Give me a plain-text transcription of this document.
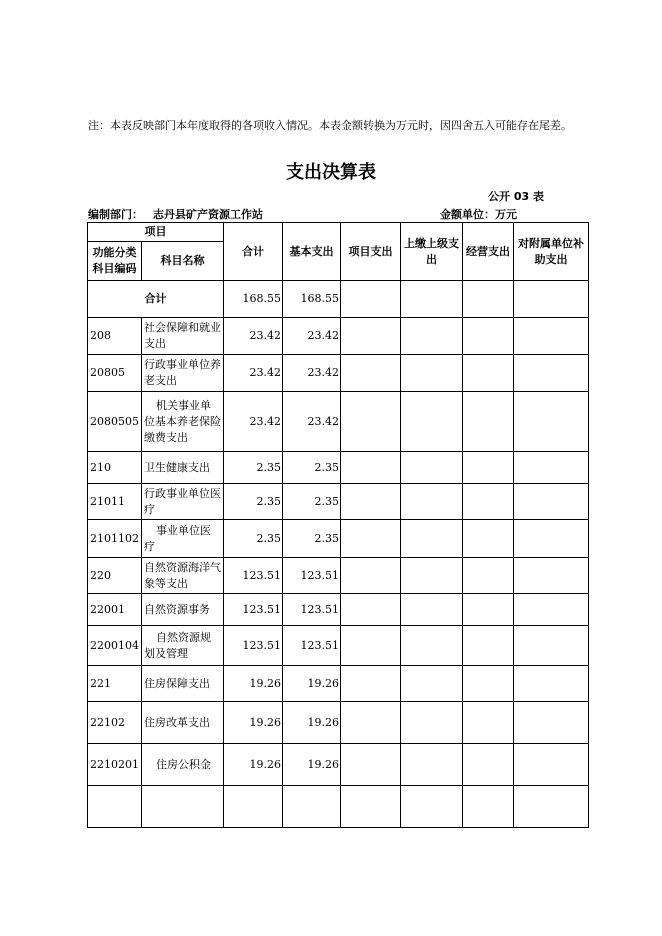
注：本表反映部门本年度取得的各项收入情况。本表金额转换为万元时，因四舍五入可能存在尾差。
支出决算表
公开 03 表
编制部门： 志丹县矿产资源工作站	金额单位：万元
项目		合计	基本支出	项目支出	上缴上级支出	经营支出	对附属单位补助支出
功能分类科目编码	科目名称						
合计		168.55	168.55				
208	社会保障和就业支出	23.42	23.42				
20805	行政事业单位养老支出	23.42	23.42				
2080505	机关事业单位基本养老保险缴费支出	23.42	23.42				
210	卫生健康支出	2.35	2.35				
21011	行政事业单位医疗	2.35	2.35				
2101102	事业单位医疗	2.35	2.35				
220	自然资源海洋气象等支出	123.51	123.51				
22001	自然资源事务	123.51	123.51				
2200104	自然资源规划及管理	123.51	123.51				
221	住房保障支出	19.26	19.26				
22102	住房改革支出	19.26	19.26				
2210201	住房公积金	19.26	19.26				
